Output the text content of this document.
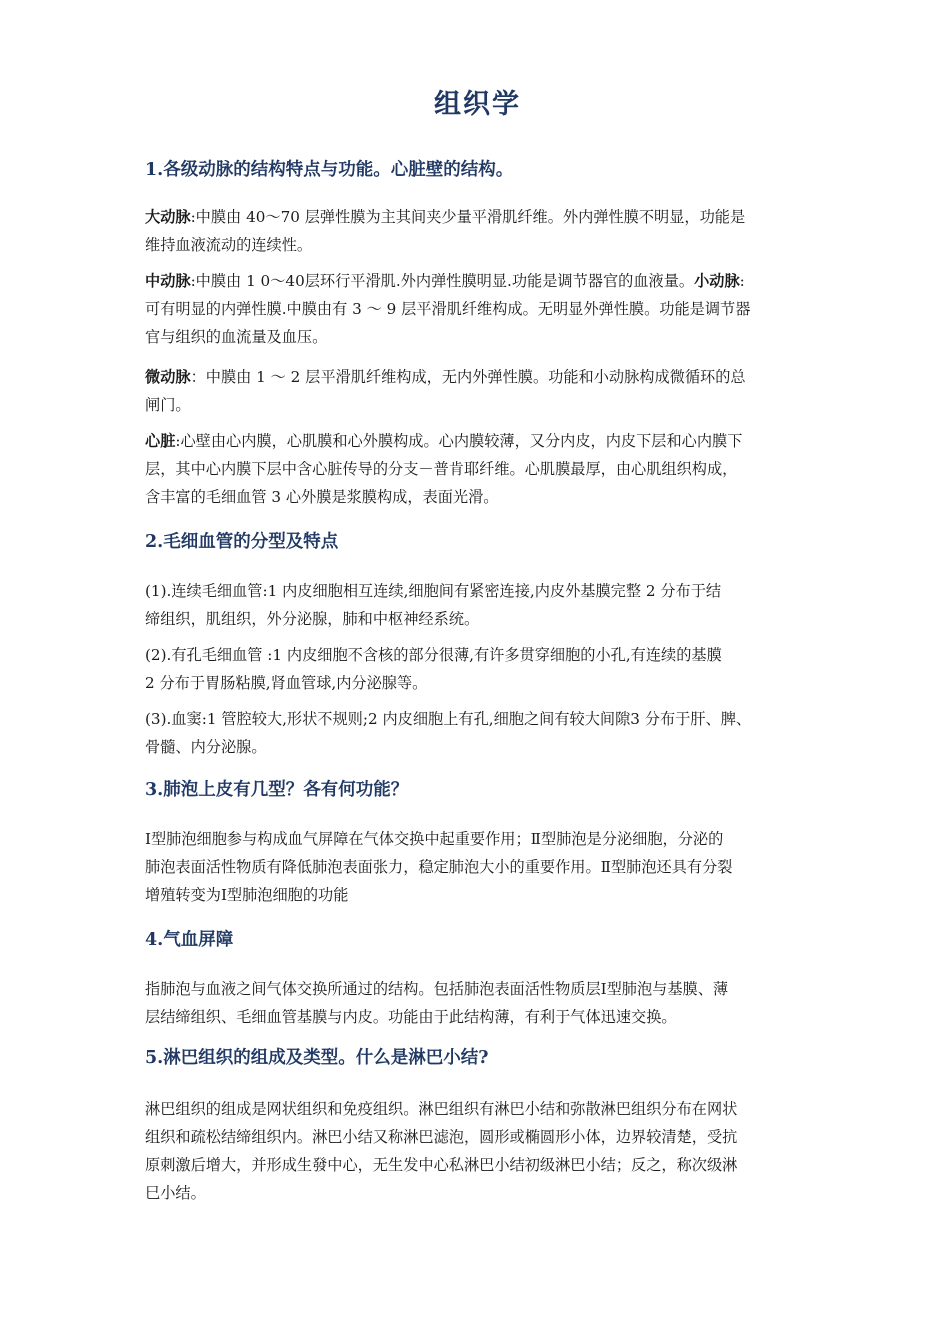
组织学
1.各级动脉的结构特点与功能。心脏壁的结构。

大动脉:中膜由 40～70 层弹性膜为主其间夹少量平滑肌纤维。外内弹性膜不明显，功能是
维持血液流动的连续性。

中动脉:中膜由 1 0～40层环行平滑肌.外内弹性膜明显.功能是调节器官的血液量。小动脉:
可有明显的内弹性膜.中膜由有 3 ～ 9 层平滑肌纤维构成。无明显外弹性膜。功能是调节器
官与组织的血流量及血压。

微动脉：中膜由 1 ～ 2 层平滑肌纤维构成，无内外弹性膜。功能和小动脉构成微循环的总
闸门。

心脏:心壁由心内膜，心肌膜和心外膜构成。心内膜较薄，又分内皮，内皮下层和心内膜下
层，其中心内膜下层中含心脏传导的分支－普肯耶纤维。心肌膜最厚，由心肌组织构成，
含丰富的毛细血管 3 心外膜是浆膜构成，表面光滑。

2.毛细血管的分型及特点

(1).连续毛细血管:1 内皮细胞相互连续,细胞间有紧密连接,内皮外基膜完整 2 分布于结
缔组织，肌组织，外分泌腺，肺和中枢神经系统。

(2).有孔毛细血管 :1 内皮细胞不含核的部分很薄,有许多贯穿细胞的小孔,有连续的基膜
2 分布于胃肠粘膜,肾血管球,内分泌腺等。

(3).血窦:1 管腔较大,形状不规则;2 内皮细胞上有孔,细胞之间有较大间隙3 分布于肝、脾、
骨髓、内分泌腺。

3.肺泡上皮有几型？各有何功能？

Ⅰ型肺泡细胞参与构成血气屏障在气体交换中起重要作用；Ⅱ型肺泡是分泌细胞，分泌的
肺泡表面活性物质有降低肺泡表面张力，稳定肺泡大小的重要作用。Ⅱ型肺泡还具有分裂
增殖转变为Ⅰ型肺泡细胞的功能

4.气血屏障

指肺泡与血液之间气体交换所通过的结构。包括肺泡表面活性物质层Ⅰ型肺泡与基膜、薄
层结缔组织、毛细血管基膜与内皮。功能由于此结构薄，有利于气体迅速交换。

5.淋巴组织的组成及类型。什么是淋巴小结?

淋巴组织的组成是网状组织和免疫组织。淋巴组织有淋巴小结和弥散淋巴组织分布在网状
组织和疏松结缔组织内。淋巴小结又称淋巴滤泡，圆形或椭圆形小体，边界较清楚，受抗
原刺激后增大，并形成生發中心，无生发中心私淋巴小结初级淋巴小结；反之，称次级淋
巳小结。
